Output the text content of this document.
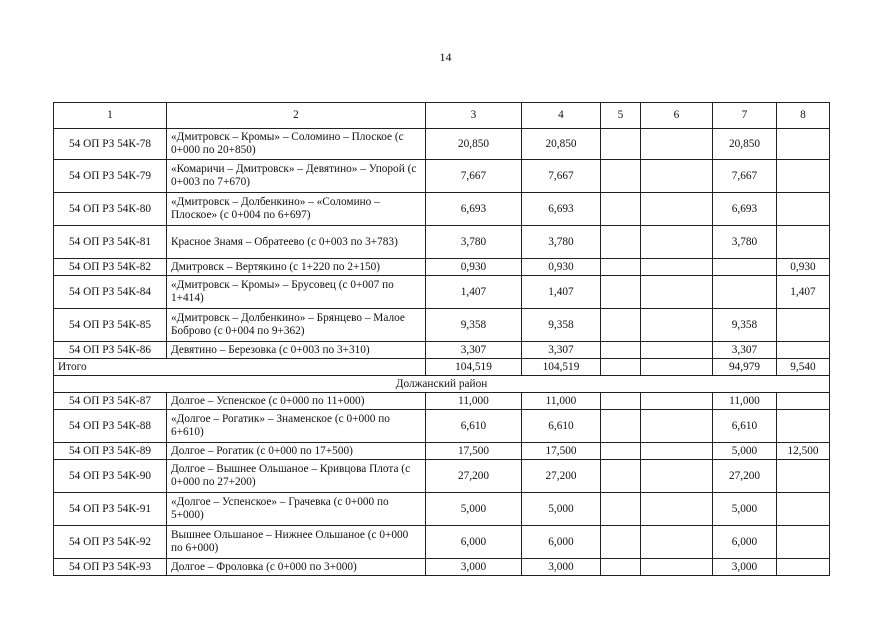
14
1	2	3	4	5	6	7	8
54 ОП РЗ 54К-78	«Дмитровск – Кромы» – Соломино – Плоское (с 0+000 по 20+850)	20,850	20,850			20,850	
54 ОП РЗ 54К-79	«Комаричи – Дмитровск» – Девятино» – Упорой (с 0+003 по 7+670)	7,667	7,667			7,667	
54 ОП РЗ 54К-80	«Дмитровск – Долбенкино» – «Соломино – Плоское» (с 0+004 по 6+697)	6,693	6,693			6,693	
54 ОП РЗ 54К-81	Красное Знамя – Обратеево (с 0+003 по 3+783)	3,780	3,780			3,780	
54 ОП РЗ 54К-82	Дмитровск – Вертякино (с 1+220 по 2+150)	0,930	0,930				0,930
54 ОП РЗ 54К-84	«Дмитровск – Кромы» – Брусовец (с 0+007 по 1+414)	1,407	1,407				1,407
54 ОП РЗ 54К-85	«Дмитровск – Долбенкино» – Брянцево – Малое Боброво (с 0+004 по 9+362)	9,358	9,358			9,358	
54 ОП РЗ 54К-86	Девятино – Березовка (с 0+003 по 3+310)	3,307	3,307			3,307	
Итого		104,519	104,519			94,979	9,540
Должанский район							
54 ОП РЗ 54К-87	Долгое – Успенское (с 0+000 по 11+000)	11,000	11,000			11,000	
54 ОП РЗ 54К-88	«Долгое – Рогатик» – Знаменское (с 0+000 по 6+610)	6,610	6,610			6,610	
54 ОП РЗ 54К-89	Долгое – Рогатик (с 0+000 по 17+500)	17,500	17,500			5,000	12,500
54 ОП РЗ 54К-90	Долгое – Вышнее Ольшаное – Кривцова Плота (с 0+000 по 27+200)	27,200	27,200			27,200	
54 ОП РЗ 54К-91	«Долгое – Успенское» – Грачевка (с 0+000 по 5+000)	5,000	5,000			5,000	
54 ОП РЗ 54К-92	Вышнее Ольшаное – Нижнее Ольшаное (с 0+000 по 6+000)	6,000	6,000			6,000	
54 ОП РЗ 54К-93	Долгое – Фроловка (с 0+000 по 3+000)	3,000	3,000			3,000	
